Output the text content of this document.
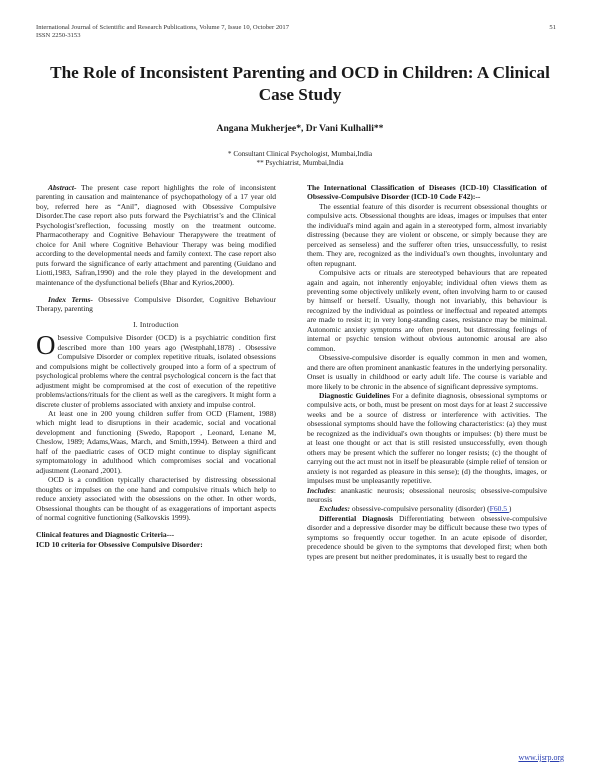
International Journal of Scientific and Research Publications, Volume 7, Issue 10, October 2017
ISSN 2250-3153
51
The Role of Inconsistent Parenting and OCD in Children: A Clinical Case Study
Angana Mukherjee*, Dr Vani Kulhalli**
* Consultant Clinical Psychologist, Mumbai,India
** Psychiatrist, Mumbai,India

Abstract- The present case report highlights the role of inconsistent parenting in causation and maintenance of psychopathology of a 17 year old boy, referred here as “Anil”, diagnosed with Obsessive Compulsive Disorder.The case report also puts forward the Psychiatrist’s and the Clinical Psychologist’sreflection, focussing mostly on the treatment outcome. Pharmacotherapy and Cognitive Behaviour Therapywere the treatment of choice for Anil where Cognitive Behaviour Therapy was being modified according to the developmental needs and family context. The case report also puts forward the significance of early attachment and parenting (Guidano and Liotti,1983, Safran,1990) and the role they played in the development and maintenance of the dysfunctional beliefs (Bhar and Kyrios,2000).

Index Terms- Obsessive Compulsive Disorder, Cognitive Behaviour Therapy, parenting

I. Introduction

Obsessive Compulsive Disorder (OCD) is a psychiatric condition first described more than 100 years ago (Westphahl,1878) . Obsessive Compulsive Disorder or complex repetitive rituals, isolated obsessions and compulsions might be collectively grouped into a form of a spectrum of psychological problems where the central psychological concern is the fact that adjustment might be compromised at the cost of execution of the repetitive problems/actions/rituals for the client as well as the caregivers. It might form a discrete cluster of problems associated with anxiety and impulse control.

At least one in 200 young children suffer from OCD (Flament, 1988) which might lead to disruptions in their academic, social and vocational development and functioning (Swedo, Rapoport , Leonard, Lenane M, Cheslow, 1989; Adams,Waas, March, and Smith,1994). Between a third and half of the paediatric cases of OCD might continue to display significant symptomatology in adulthood which compromises social and vocational adjustment (Leonard ,2001).

OCD is a condition typically characterised by distressing obsessional thoughts or impulses on the one hand and compulsive rituals which help to reduce anxiety associated with the obsessions on the other. In other words, Obsessional thoughts can be thought of as exaggerations of important aspects of normal cognitive functioning (Salkovskis 1999).

Clinical features and Diagnostic Criteria---

ICD 10 criteria for Obsessive Compulsive Disorder:

The International Classification of Diseases (ICD-10) Classification of Obsessive-Compulsive Disorder (ICD-10 Code F42):--

The essential feature of this disorder is recurrent obsessional thoughts or compulsive acts. Obsessional thoughts are ideas, images or impulses that enter the individual's mind again and again in a stereotyped form, almost invariably distressing (because they are violent or obscene, or simply because they are perceived as senseless) and the sufferer often tries, unsuccessfully, to resist them. They are, recognized as the individual's own thoughts, involuntary and often repugnant.

Compulsive acts or rituals are stereotyped behaviours that are repeated again and again, not inherently enjoyable; individual often views them as preventing some objectively unlikely event, often involving harm to or caused by himself or herself. Usually, though not invariably, this behaviour is recognized by the individual as pointless or ineffectual and repeated attempts are made to resist it; in very long-standing cases, resistance may be minimal. Autonomic anxiety symptoms are often present, but distressing feelings of internal or psychic tension without obvious autonomic arousal are also common.

Obsessive-compulsive disorder is equally common in men and women, and there are often prominent anankastic features in the underlying personality. Onset is usually in childhood or early adult life. The course is variable and more likely to be chronic in the absence of significant depressive symptoms.

Diagnostic Guidelines For a definite diagnosis, obsessional symptoms or compulsive acts, or both, must be present on most days for at least 2 successive weeks and be a source of distress or interference with activities. The obsessional symptoms should have the following characteristics: (a) they must be recognized as the individual's own thoughts or impulses: (b) there must be at least one thought or act that is still resisted unsuccessfully, even though others may be present which the sufferer no longer resists; (c) the thought of carrying out the act must not in itself be pleasurable (simple relief of tension or anxiety is not regarded as pleasure in this sense); (d) the thoughts, images, or impulses must be unpleasantly repetitive.

Includes: anankastic neurosis; obsessional neurosis; obsessive-compulsive neurosis

Excludes: obsessive-compulsive personality (disorder) (F60.5 )

Differential Diagnosis Differentiating between obsessive-compulsive disorder and a depressive disorder may be difficult because these two types of symptoms so frequently occur together. In an acute episode of disorder, precedence should be given to the symptoms that developed first; when both types are present but neither predominates, it is usually best to regard the

www.ijsrp.org
